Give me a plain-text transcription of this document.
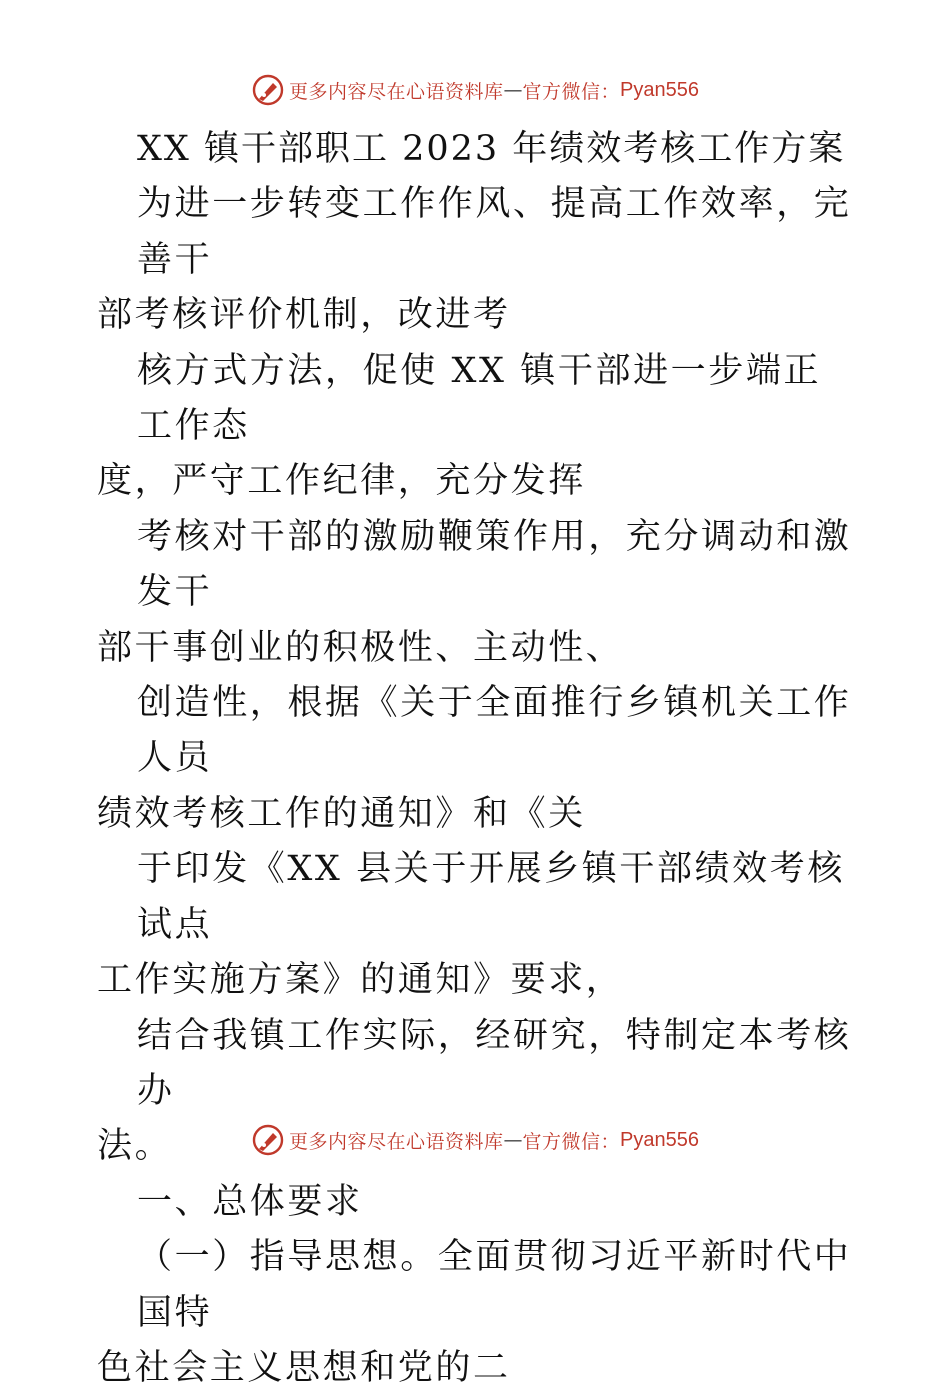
更多内容尽在心语资料库 — 官方微信： Pyan556

XX 镇干部职工 2023 年绩效考核工作方案

为进一步转变工作作风、提高工作效率，完善干

部考核评价机制，改进考

核方式方法，促使 XX 镇干部进一步端正工作态

度，严守工作纪律，充分发挥

考核对干部的激励鞭策作用，充分调动和激发干

部干事创业的积极性、主动性、

创造性，根据《关于全面推行乡镇机关工作人员

绩效考核工作的通知》和《关

于印发《XX 县关于开展乡镇干部绩效考核试点

工作实施方案》的通知》要求，

结合我镇工作实际，经研究，特制定本考核办

法。

一、总体要求

（一）指导思想。全面贯彻习近平新时代中国特

色社会主义思想和党的二

更多内容尽在心语资料库 — 官方微信： Pyan556
